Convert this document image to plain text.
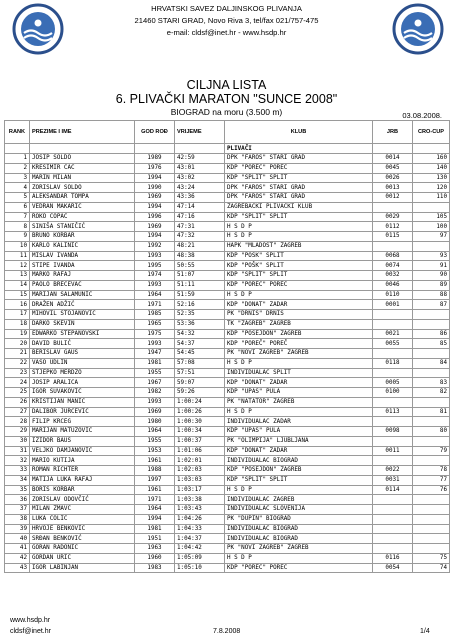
HRVATSKI SAVEZ DALJINSKOG PLIVANJA
21460 STARI GRAD, Novo Riva 3, tel/fax 021/757-475
e-mail: cldsf@inet.hr - www.hsdp.hr
CILJNA LISTA
6. PLIVAČKI MARATON "SUNCE 2008"
BIOGRAD na moru (3.500 m)	03.08.2008.
RANK	PREZIME I IME	GOD ROĐ	VRIJEME	KLUB	JRB	CRO-CUP
				PLIVAČI		
1	JOSIP SOLDO	1989	42:59	DPK "FAROS" STARI GRAD	0014	160
2	KREŠIMIR ČAĆ	1976	43:01	KDP "POREČ" POREČ	0045	140
3	MARIN MILAN	1994	43:02	KDP "SPLIT" SPLIT	0026	130
4	ZORISLAV SOLDO	1990	43:24	DPK "FAROS" STARI GRAD	0013	120
5	ALEKSANDAR TOMPA	1969	43:36	DPK "FAROS" STARI GRAD	0012	110
6	VEDRAN MAKARIĆ	1994	47:14	ZAGREBAČKI PLIVAČKI KLUB		
7	ROKO ČOPAC	1996	47:16	KDP "SPLIT" SPLIT	0029	105
8	SINIŠA STANIČIĆ	1969	47:31	H S D P	0112	100
9	BRUNO KORBAR	1994	47:32	H S D P	0115	97
10	KARLO KALINIĆ	1992	48:21	HAPK "MLADOST" ZAGREB		
11	MISLAV IVANDA	1993	48:38	KDP "POŠK" SPLIT	0068	93
12	STIPE IVANDA	1995	50:55	KDP "POŠK" SPLIT	0074	91
13	MARKO RAFAJ	1974	51:07	KDP "SPLIT" SPLIT	0032	90
14	PAOLO BREČEVAC	1993	51:11	KDP "POREČ" POREČ	0046	89
15	MARIJAN SALAMUNIĆ	1964	51:59	H S D P	0110	88
16	DRAŽEN ADŽIĆ	1971	52:16	KDP "DONAT" ZADAR	0001	87
17	MIHOVIL STOJANOVIĆ	1985	52:35	PK "DRNIŠ" DRNIŠ		
18	DARKO ŠKEVIN	1965	53:36	TK "ZAGREB" ZAGREB		
19	EDWARKO STEPANOVSKI	1975	54:32	KDP "POSEJDON" ZAGREB	0021	86
20	DAVID BULIĆ	1993	54:37	KDP "POREČ" POREČ	0055	85
21	BERISLAV GAUŠ	1947	54:45	PK "NOVI ZAGREB" ZAGREB		
22	VAŠO UDLIN	1981	57:08	H S D P	0118	84
23	STJEPKO MERDŽO	1955	57:51	INDIVIDUALAC SPLIT		
24	JOSIP ARALICA	1967	59:07	KDP "DONAT" ZADAR	0005	83
25	IGOR ŠUVAKOVIĆ	1982	59:26	KDP "UPAS" PULA	0100	82
26	KRISTIJAN MANIĆ	1993	1:00:24	PK "NATATOR" ZAGREB		
27	DALIBOR JURČEVIĆ	1969	1:00:26	H S D P	0113	81
28	FILIP KRCEG	1980	1:00:30	INDIVIDUALAC ZADAR		
29	MARIJAN MATUZOVIĆ	1964	1:00:34	KDP "UPAS" PULA	0098	80
30	IZIDOR BAUS	1955	1:00:37	PK "OLIMPIJA" LJUBLJANA		
31	VELJKO DAMJANOVIĆ	1953	1:01:06	KDP "DONAT" ZADAR	0011	79
32	MARIO KUTIJA	1961	1:02:01	INDIVIDUALAC BIOGRAD		
33	ROMAN RICHTER	1988	1:02:03	KDP "POSEJDON" ZAGREB	0022	78
34	MATIJA LUKA RAFAJ	1997	1:03:03	KDP "SPLIT" SPLIT	0031	77
35	BORIS KORBAR	1961	1:03:17	H S D P	0114	76
36	ZORISLAV ODOVČIĆ	1971	1:03:38	INDIVIDUALAC ZAGREB		
37	MILAN ŽMAVC	1964	1:03:43	INDIVIDUALAC SLOVENIJA		
38	LUKA COLIĆ	1994	1:04:26	PK "DUPIN" BIOGRAD		
39	HRVOJE BENKOVIĆ	1981	1:04:33	INDIVIDUALAC BIOGRAD		
40	SRĐAN BENKOVIĆ	1951	1:04:37	INDIVIDUALAC BIOGRAD		
41	GORAN RADONIĆ	1963	1:04:42	PK "NOVI ZAGREB" ZAGREB		
42	GORDAN URIĆ	1960	1:05:09	H S D P	0116	75
43	IGOR LABINJAN	1983	1:05:10	KDP "POREČ" POREČ	0054	74
www.hsdp.hr
cldsf@inet.hr	7.8.2008	1/4
